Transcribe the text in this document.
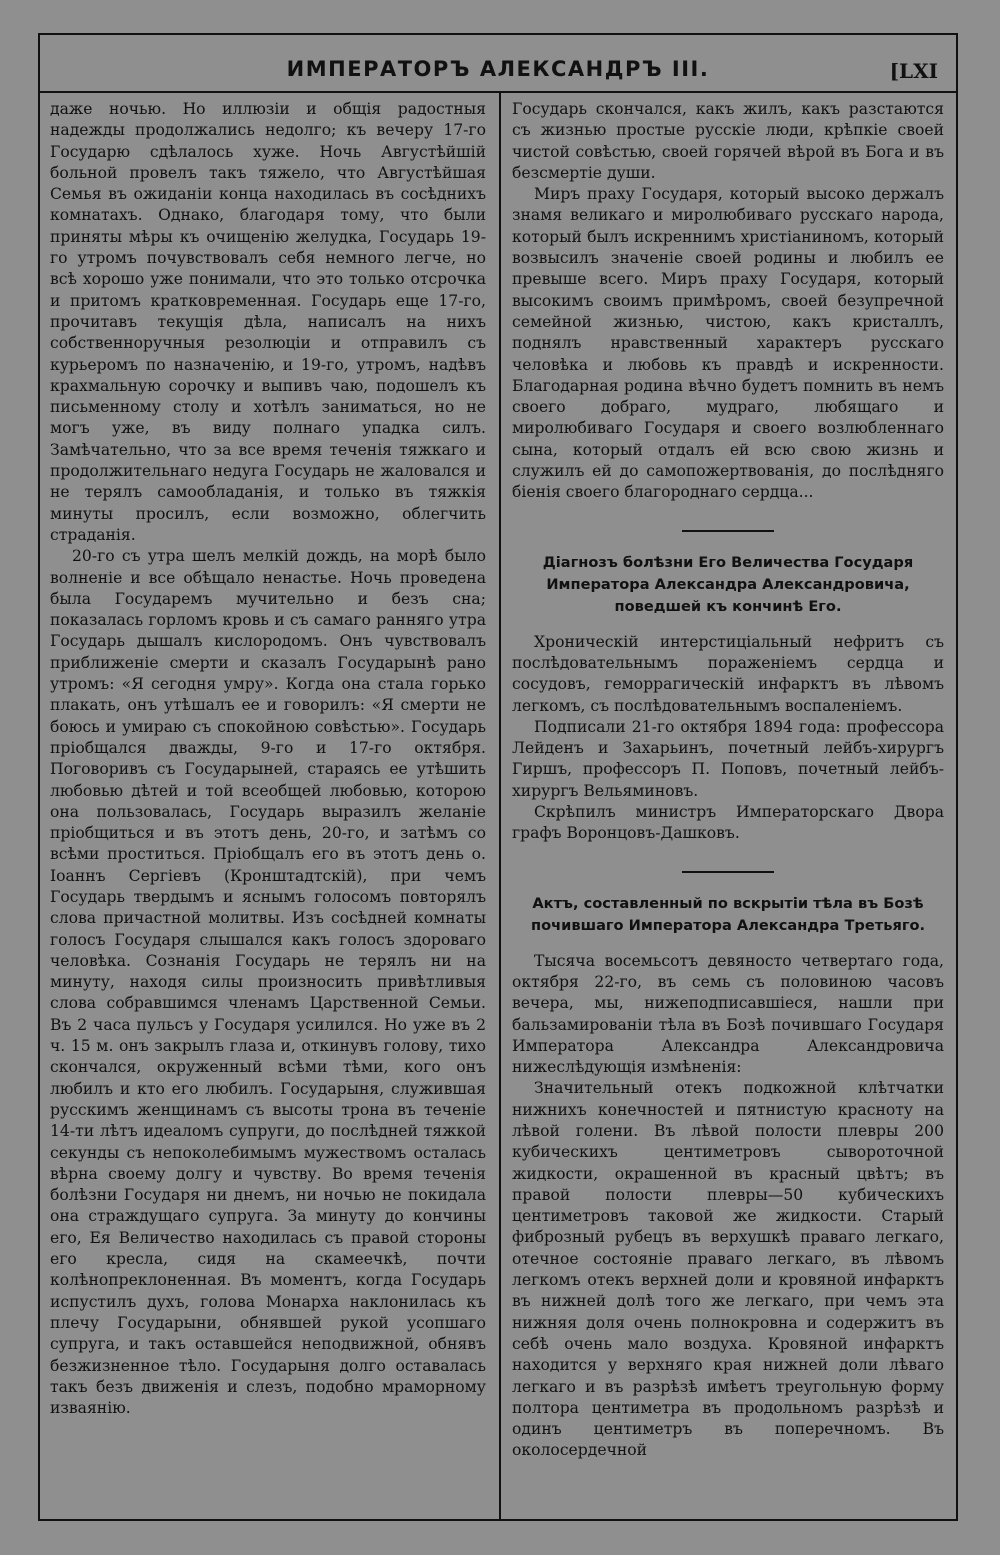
ИМПЕРАТОРЪ АЛЕКСАНДРЪ III.	[LXI

даже ночью. Но иллюзіи и общія радостныя надежды продолжались недолго; къ вечеру 17-го Государю сдѣлалось хуже. Ночь Августѣйшій больной провелъ такъ тяжело, что Августѣйшая Семья въ ожиданіи конца находилась въ сосѣднихъ комнатахъ. Однако, благодаря тому, что были приняты мѣры къ очищенію желудка, Государь 19-го утромъ почувствовалъ себя немного легче, но всѣ хорошо уже понимали, что это только отсрочка и притомъ кратковременная. Государь еще 17-го, прочитавъ текущія дѣла, написалъ на нихъ собственноручныя резолюціи и отправилъ съ курьеромъ по назначенію, и 19-го, утромъ, надѣвъ крахмальную сорочку и выпивъ чаю, подошелъ къ письменному столу и хотѣлъ заниматься, но не могъ уже, въ виду полнаго упадка силъ. Замѣчательно, что за все время теченія тяжкаго и продолжительнаго недуга Государь не жаловался и не терялъ самообладанія, и только въ тяжкія минуты просилъ, если возможно, облегчить страданія.

20-го съ утра шелъ мелкій дождь, на морѣ было волненіе и все обѣщало ненастье. Ночь проведена была Государемъ мучительно и безъ сна; показалась горломъ кровь и съ самаго ранняго утра Государь дышалъ кислородомъ. Онъ чувствовалъ приближеніе смерти и сказалъ Государынѣ рано утромъ: «Я сегодня умру». Когда она стала горько плакать, онъ утѣшалъ ее и говорилъ: «Я смерти не боюсь и умираю съ спокойною совѣстью». Государь пріобщался дважды, 9-го и 17-го октября. Поговоривъ съ Государыней, стараясь ее утѣшить любовью дѣтей и той всеобщей любовью, которою она пользовалась, Государь выразилъ желаніе пріобщиться и въ этотъ день, 20-го, и затѣмъ со всѣми проститься. Пріобщалъ его въ этотъ день о. Іоаннъ Сергіевъ (Кронштадтскій), при чемъ Государь твердымъ и яснымъ голосомъ повторялъ слова причастной молитвы. Изъ сосѣдней комнаты голосъ Государя слышался какъ голосъ здороваго человѣка. Сознанія Государь не терялъ ни на минуту, находя силы произносить привѣтливыя слова собравшимся членамъ Царственной Семьи. Въ 2 часа пульсъ у Государя усилился. Но уже въ 2 ч. 15 м. онъ закрылъ глаза и, откинувъ голову, тихо скончался, окруженный всѣми тѣми, кого онъ любилъ и кто его любилъ. Государыня, служившая русскимъ женщинамъ съ высоты трона въ теченіе 14-ти лѣтъ идеаломъ супруги, до послѣдней тяжкой секунды съ непоколебимымъ мужествомъ осталась вѣрна своему долгу и чувству. Во время теченія болѣзни Государя ни днемъ, ни ночью не покидала она страждущаго супруга. За минуту до кончины его, Ея Величество находилась съ правой стороны его кресла, сидя на скамеечкѣ, почти колѣнопреклоненная. Въ моментъ, когда Государь испустилъ духъ, голова Монарха наклонилась къ плечу Государыни, обнявшей рукой усопшаго супруга, и такъ оставшейся неподвижной, обнявъ безжизненное тѣло. Государыня долго оставалась такъ безъ движенія и слезъ, подобно мраморному изваянію.

Государь скончался, какъ жилъ, какъ разстаются съ жизнью простые русскіе люди, крѣпкіе своей чистой совѣстью, своей горячей вѣрой въ Бога и въ безсмертіе души.

Миръ праху Государя, который высоко держалъ знамя великаго и миролюбиваго русскаго народа, который былъ искреннимъ христіаниномъ, который возвысилъ значеніе своей родины и любилъ ее превыше всего. Миръ праху Государя, который высокимъ своимъ примѣромъ, своей безупречной семейной жизнью, чистою, какъ кристаллъ, поднялъ нравственный характеръ русскаго человѣка и любовь къ правдѣ и искренности. Благодарная родина вѣчно будетъ помнить въ немъ своего добраго, мудраго, любящаго и миролюбиваго Государя и своего возлюбленнаго сына, который отдалъ ей всю свою жизнь и служилъ ей до самопожертвованія, до послѣдняго біенія своего благороднаго сердца...

Діагнозъ болѣзни Его Величества Государя Императора Александра Александровича, поведшей къ кончинѣ Его.

Хроническій интерстиціальный нефритъ съ послѣдовательнымъ пораженіемъ сердца и сосудовъ, геморрагическій инфарктъ въ лѣвомъ легкомъ, съ послѣдовательнымъ воспаленіемъ.

Подписали 21-го октября 1894 года: профессора Лейденъ и Захарьинъ, почетный лейбъ-хирургъ Гиршъ, профессоръ П. Поповъ, почетный лейбъ-хирургъ Вельяминовъ.

Скрѣпилъ министръ Императорскаго Двора графъ Воронцовъ-Дашковъ.

Актъ, составленный по вскрытіи тѣла въ Бозѣ почившаго Императора Александра Третьяго.

Тысяча восемьсотъ девяносто четвертаго года, октября 22-го, въ семь съ половиною часовъ вечера, мы, нижеподписавшіеся, нашли при бальзамированіи тѣла въ Бозѣ почившаго Государя Императора Александра Александровича нижеслѣдующія измѣненія:

Значительный отекъ подкожной клѣтчатки нижнихъ конечностей и пятнистую красноту на лѣвой голени. Въ лѣвой полости плевры 200 кубическихъ центиметровъ сывороточной жидкости, окрашенной въ красный цвѣтъ; въ правой полости плевры—50 кубическихъ центиметровъ таковой же жидкости. Старый фиброзный рубецъ въ верхушкѣ праваго легкаго, отечное состояніе праваго легкаго, въ лѣвомъ легкомъ отекъ верхней доли и кровяной инфарктъ въ нижней долѣ того же легкаго, при чемъ эта нижняя доля очень полнокровна и содержитъ въ себѣ очень мало воздуха. Кровяной инфарктъ находится у верхняго края нижней доли лѣваго легкаго и въ разрѣзѣ имѣетъ треугольную форму полтора центиметра въ продольномъ разрѣзѣ и одинъ центиметръ въ поперечномъ. Въ околосердечной
